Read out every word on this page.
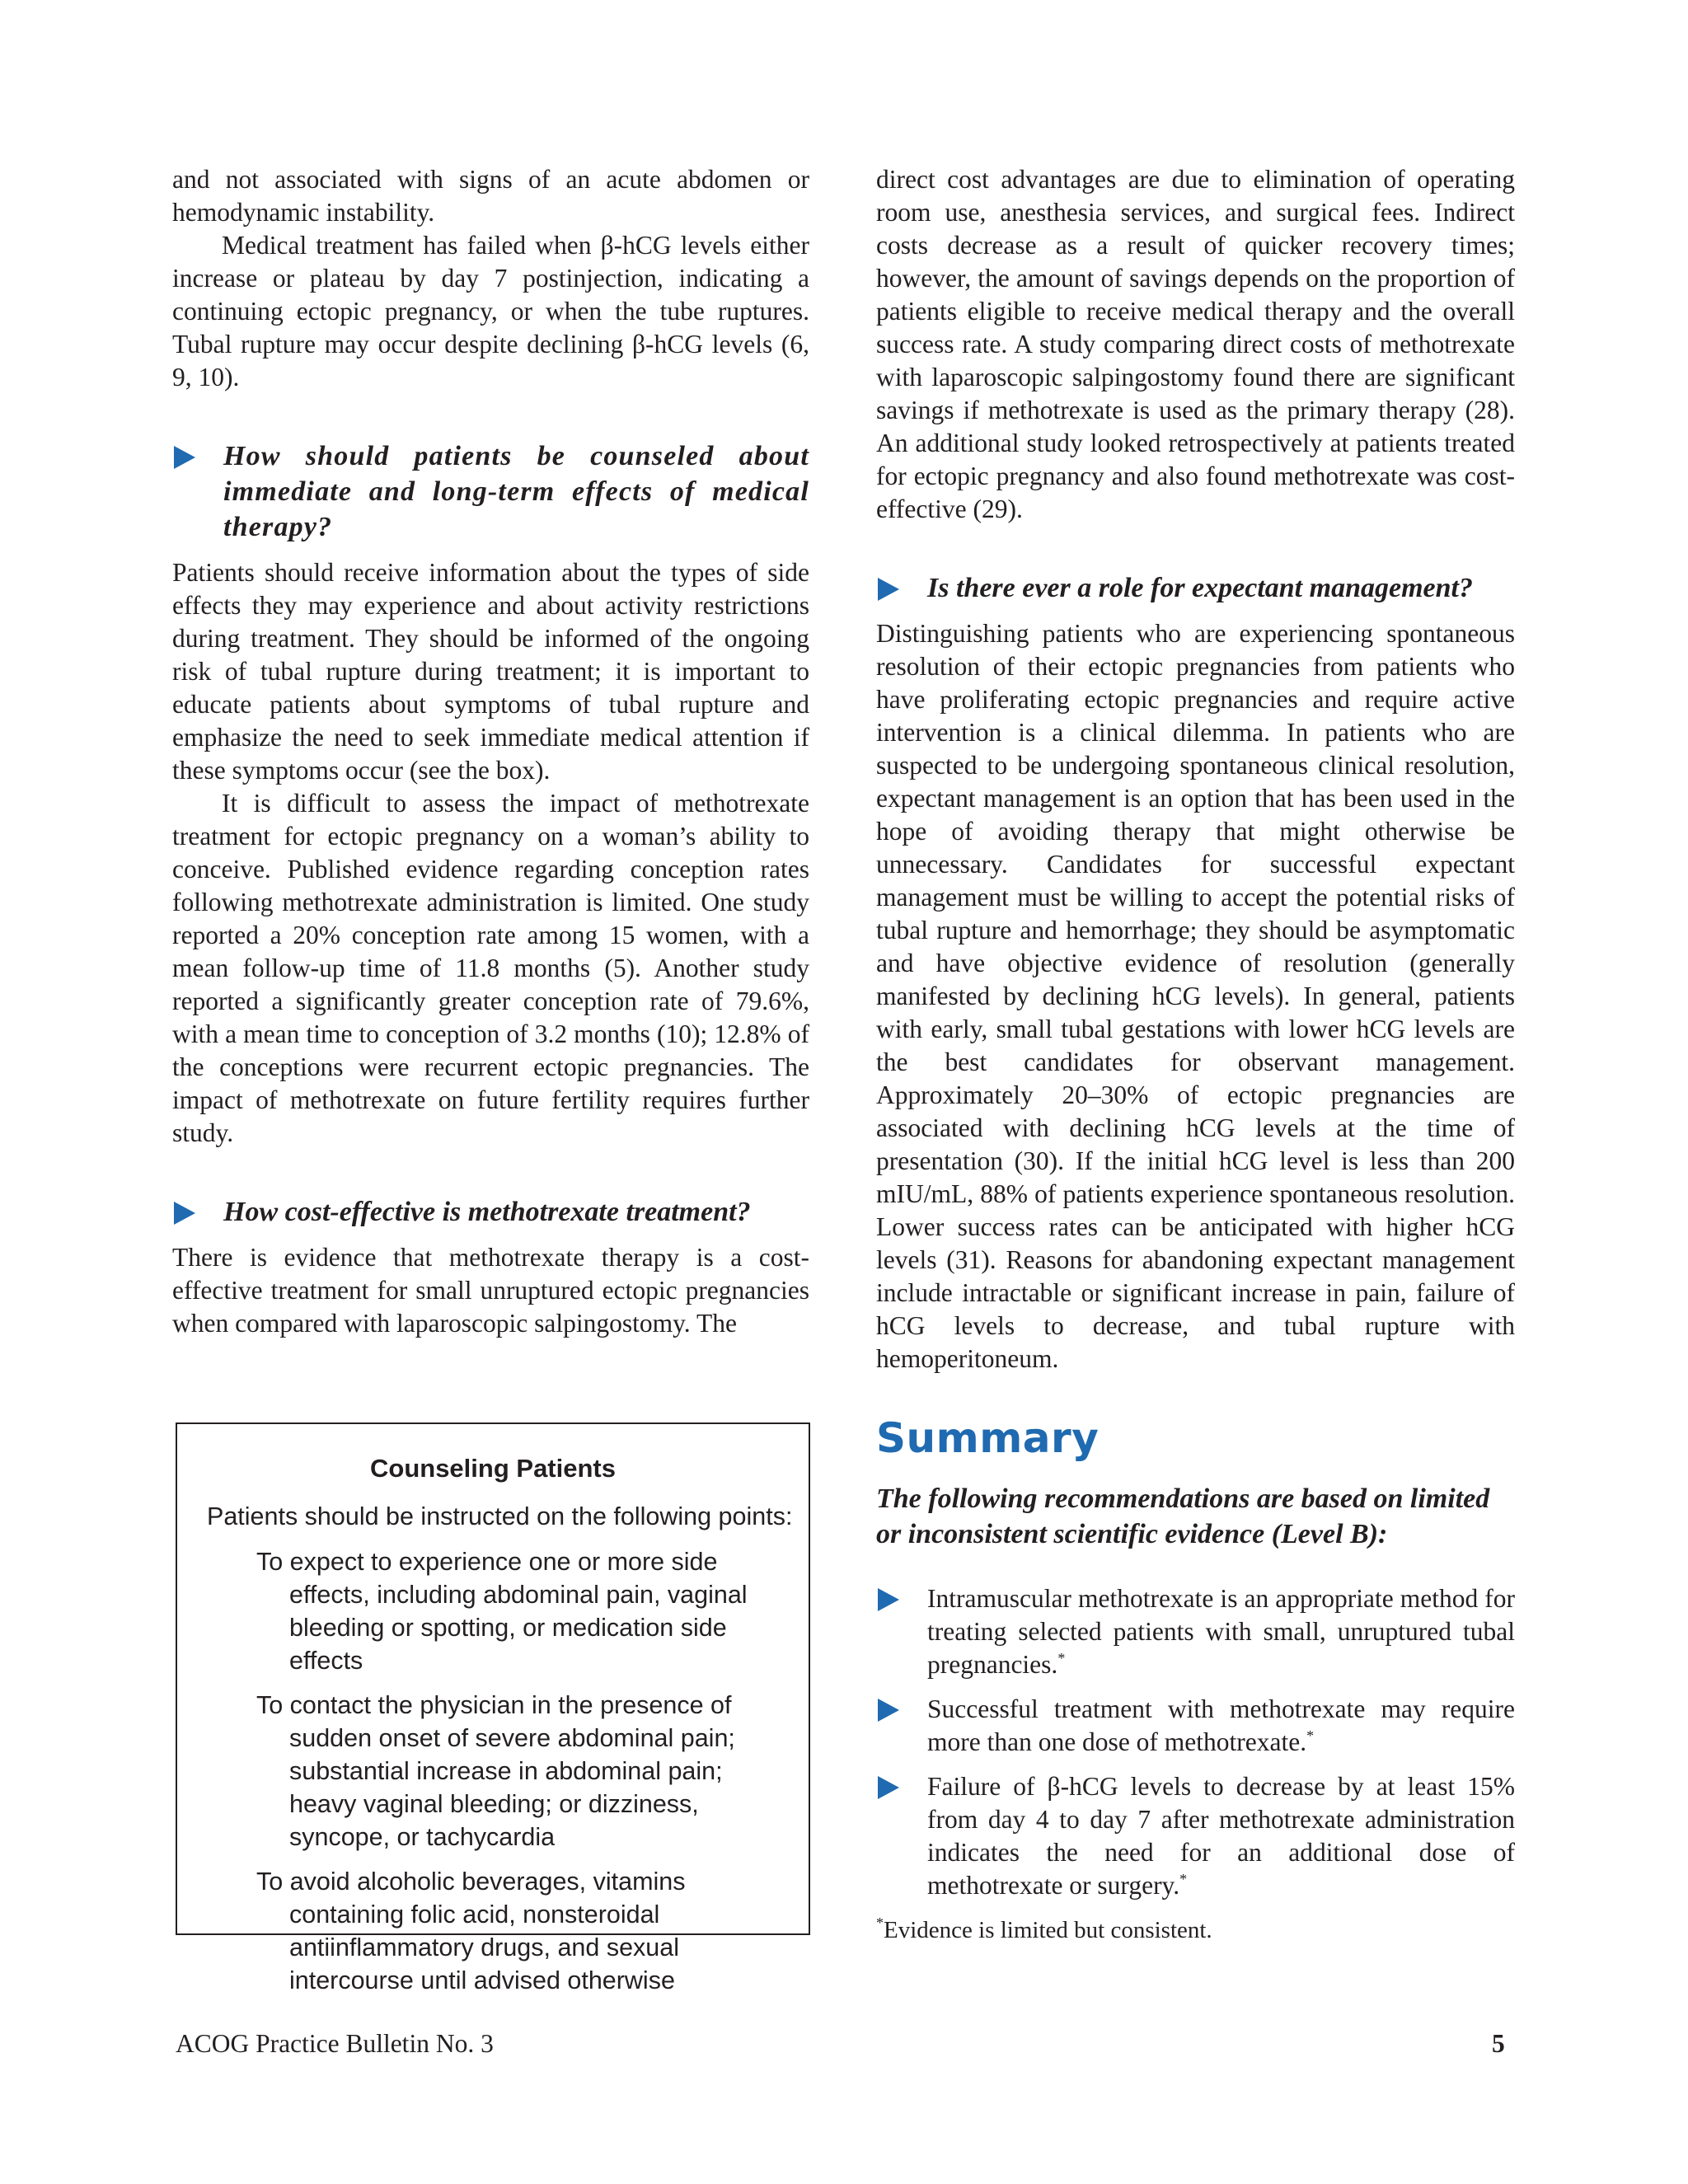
and not associated with signs of an acute abdomen or hemodynamic instability.

Medical treatment has failed when β-hCG levels either increase or plateau by day 7 postinjection, indicating a continuing ectopic pregnancy, or when the tube ruptures. Tubal rupture may occur despite declining β-hCG levels (6, 9, 10).

How should patients be counseled about immediate and long-term effects of medical therapy?

Patients should receive information about the types of side effects they may experience and about activity restrictions during treatment. They should be informed of the ongoing risk of tubal rupture during treatment; it is important to educate patients about symptoms of tubal rupture and emphasize the need to seek immediate medical attention if these symptoms occur (see the box).

It is difficult to assess the impact of methotrexate treatment for ectopic pregnancy on a woman’s ability to conceive. Published evidence regarding conception rates following methotrexate administration is limited. One study reported a 20% conception rate among 15 women, with a mean follow-up time of 11.8 months (5). Another study reported a significantly greater conception rate of 79.6%, with a mean time to conception of 3.2 months (10); 12.8% of the conceptions were recurrent ectopic pregnancies. The impact of methotrexate on future fertility requires further study.

How cost-effective is methotrexate treatment?

There is evidence that methotrexate therapy is a cost-effective treatment for small unruptured ectopic pregnancies when compared with laparoscopic salpingostomy. The

direct cost advantages are due to elimination of operating room use, anesthesia services, and surgical fees. Indirect costs decrease as a result of quicker recovery times; however, the amount of savings depends on the proportion of patients eligible to receive medical therapy and the overall success rate. A study comparing direct costs of methotrexate with laparoscopic salpingostomy found there are significant savings if methotrexate is used as the primary therapy (28). An additional study looked retrospectively at patients treated for ectopic pregnancy and also found methotrexate was cost-effective (29).

Is there ever a role for expectant management?

Distinguishing patients who are experiencing spontaneous resolution of their ectopic pregnancies from patients who have proliferating ectopic pregnancies and require active intervention is a clinical dilemma. In patients who are suspected to be undergoing spontaneous clinical resolution, expectant management is an option that has been used in the hope of avoiding therapy that might otherwise be unnecessary. Candidates for successful expectant management must be willing to accept the potential risks of tubal rupture and hemorrhage; they should be asymptomatic and have objective evidence of resolution (generally manifested by declining hCG levels). In general, patients with early, small tubal gestations with lower hCG levels are the best candidates for observant management. Approximately 20–30% of ectopic pregnancies are associated with declining hCG levels at the time of presentation (30). If the initial hCG level is less than 200 mIU/mL, 88% of patients experience spontaneous resolution. Lower success rates can be anticipated with higher hCG levels (31). Reasons for abandoning expectant management include intractable or significant increase in pain, failure of hCG levels to decrease, and tubal rupture with hemoperitoneum.

Counseling Patients
Patients should be instructed on the following points:
To expect to experience one or more side effects, including abdominal pain, vaginal bleeding or spotting, or medication side effects
To contact the physician in the presence of sudden onset of severe abdominal pain; substantial increase in abdominal pain; heavy vaginal bleeding; or dizziness, syncope, or tachycardia
To avoid alcoholic beverages, vitamins containing folic acid, nonsteroidal antiinflammatory drugs, and sexual intercourse until advised otherwise
Summary
The following recommendations are based on limited or inconsistent scientific evidence (Level B):
Intramuscular methotrexate is an appropriate method for treating selected patients with small, unruptured tubal pregnancies.*
Successful treatment with methotrexate may require more than one dose of methotrexate.*
Failure of β-hCG levels to decrease by at least 15% from day 4 to day 7 after methotrexate administration indicates the need for an additional dose of methotrexate or surgery.*
*Evidence is limited but consistent.
ACOG Practice Bulletin No. 3	5
